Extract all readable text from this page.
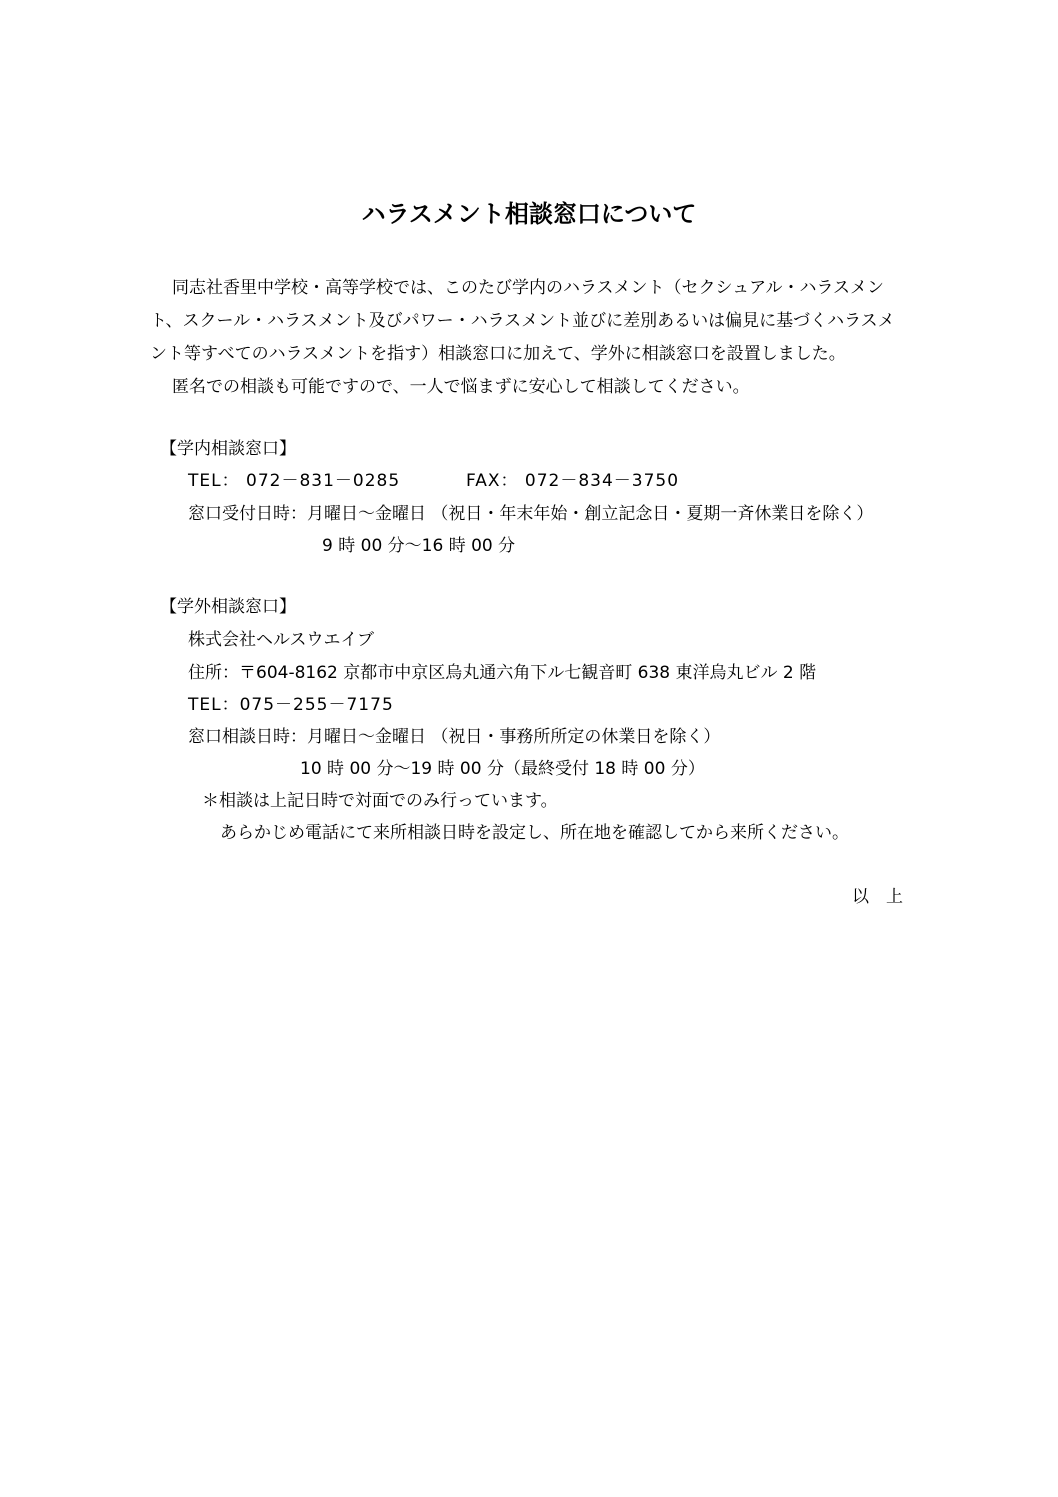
ハラスメント相談窓口について
同志社香里中学校・高等学校では、このたび学内のハラスメント（セクシュアル・ハラスメン
ト、スクール・ハラスメント及びパワー・ハラスメント並びに差別あるいは偏見に基づくハラスメ
ント等すべてのハラスメントを指す）相談窓口に加えて、学外に相談窓口を設置しました。
匿名での相談も可能ですので、一人で悩まずに安心して相談してください。
【学内相談窓口】
TEL： 072－831－0285	FAX： 072－834－3750
窓口受付日時：月曜日～金曜日 （祝日・年末年始・創立記念日・夏期一斉休業日を除く）
9 時 00 分～16 時 00 分
【学外相談窓口】
株式会社ヘルスウエイブ
住所：〒604-8162 京都市中京区烏丸通六角下ル七観音町 638 東洋烏丸ビル 2 階
TEL：075－255－7175
窓口相談日時：月曜日～金曜日 （祝日・事務所所定の休業日を除く）
10 時 00 分～19 時 00 分（最終受付 18 時 00 分）
＊相談は上記日時で対面でのみ行っています。
あらかじめ電話にて来所相談日時を設定し、所在地を確認してから来所ください。
以　上
